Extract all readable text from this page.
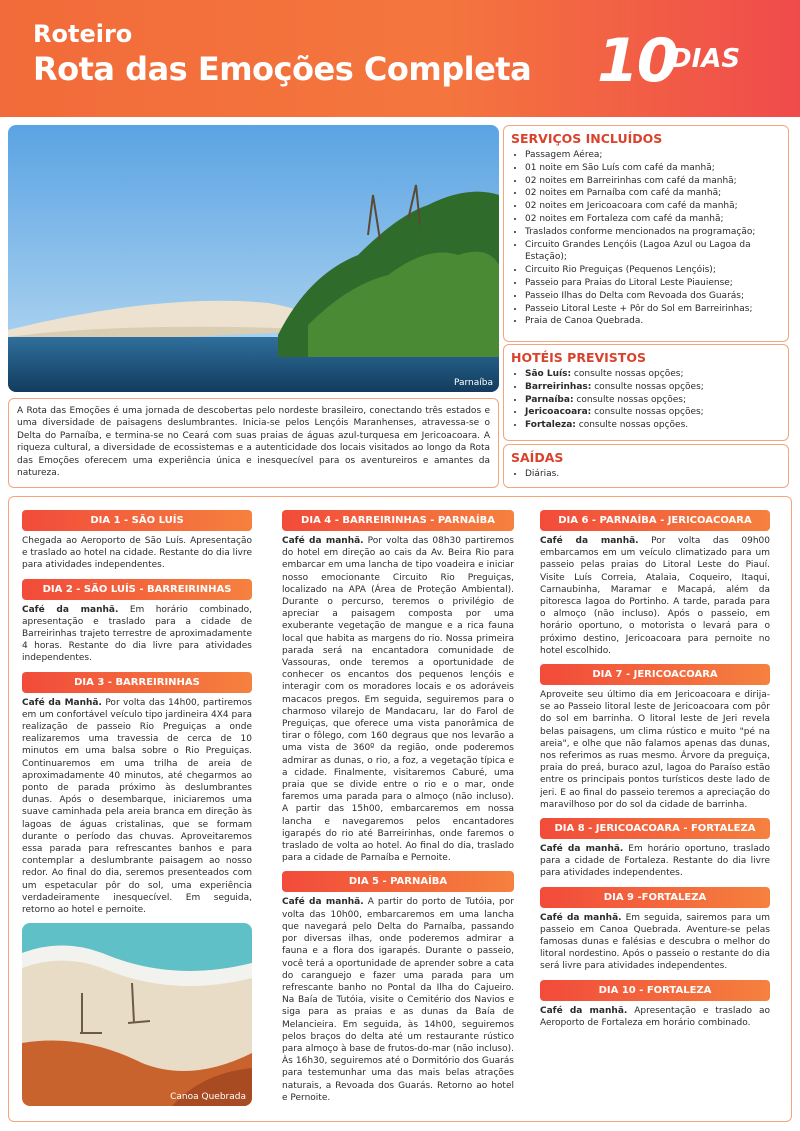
Roteiro
Rota das Emoções Completa 10
DIAS
Parnaíba
A Rota das Emoções é uma jornada de descobertas pelo nordeste brasileiro, conectando três estados e uma diversidade de paisagens deslumbrantes. Inicia-se pelos Lençóis Maranhenses, atravessa-se o Delta do Parnaíba, e termina-se no Ceará com suas praias de águas azul-turquesa em Jericoacoara. A riqueza cultural, a diversidade de ecossistemas e a autenticidade dos locais visitados ao longo da Rota das Emoções oferecem uma experiência única e inesquecível para os aventureiros e amantes da natureza.
SERVIÇOS INCLUÍDOS
• Passagem Aérea;
• 01 noite em São Luís com café da manhã;
• 02 noites em Barreirinhas com café da manhã;
• 02 noites em Parnaíba com café da manhã;
• 02 noites em Jericoacoara com café da manhã;
• 02 noites em Fortaleza com café da manhã;
• Traslados conforme mencionados na programação;
• Circuito Grandes Lençóis (Lagoa Azul ou Lagoa da Estação);
• Circuito Rio Preguiças (Pequenos Lençóis);
• Passeio para Praias do Litoral Leste Piauiense;
• Passeio Ilhas do Delta com Revoada dos Guarás;
• Passeio Litoral Leste + Pôr do Sol em Barreirinhas;
• Praia de Canoa Quebrada.
HOTÉIS PREVISTOS
• São Luís: consulte nossas opções;
• Barreirinhas: consulte nossas opções;
• Parnaíba: consulte nossas opções;
• Jericoacoara: consulte nossas opções;
• Fortaleza: consulte nossas opções.
SAÍDAS
• Diárias.
DIA 1 - SÃO LUÍS
Chegada ao Aeroporto de São Luís. Apresentação e traslado ao hotel na cidade. Restante do dia livre para atividades independentes.
DIA 2 - SÃO LUÍS - BARREIRINHAS
Café da manhã. Em horário combinado, apresentação e traslado para a cidade de Barreirinhas trajeto terrestre de aproximadamente 4 horas. Restante do dia livre para atividades independentes.
DIA 3 - BARREIRINHAS
Café da Manhã. Por volta das 14h00, partiremos em um confortável veículo tipo jardineira 4X4 para realização de passeio Rio Preguiças a onde realizaremos uma travessia de cerca de 10 minutos em uma balsa sobre o Rio Preguiças. Continuaremos em uma trilha de areia de aproximadamente 40 minutos, até chegarmos ao ponto de parada próximo às deslumbrantes dunas. Após o desembarque, iniciaremos uma suave caminhada pela areia branca em direção às lagoas de águas cristalinas, que se formam durante o período das chuvas. Aproveitaremos essa parada para refrescantes banhos e para contemplar a deslumbrante paisagem ao nosso redor. Ao final do dia, seremos presenteados com um espetacular pôr do sol, uma experiência verdadeiramente inesquecível. Em seguida, retorno ao hotel e pernoite.
Canoa Quebrada
DIA 4 - BARREIRINHAS - PARNAÍBA
Café da manhã. Por volta das 08h30 partiremos do hotel em direção ao cais da Av. Beira Rio para embarcar em uma lancha de tipo voadeira e iniciar nosso emocionante Circuito Rio Preguiças, localizado na APA (Área de Proteção Ambiental). Durante o percurso, teremos o privilégio de apreciar a paisagem composta por uma exuberante vegetação de mangue e a rica fauna local que habita as margens do rio. Nossa primeira parada será na encantadora comunidade de Vassouras, onde teremos a oportunidade de conhecer os encantos dos pequenos lençóis e interagir com os moradores locais e os adoráveis macacos pregos. Em seguida, seguiremos para o charmoso vilarejo de Mandacaru, lar do Farol de Preguiças, que oferece uma vista panorâmica de tirar o fôlego, com 160 degraus que nos levarão a uma vista de 360º da região, onde poderemos admirar as dunas, o rio, a foz, a vegetação típica e a cidade. Finalmente, visitaremos Caburé, uma praia que se divide entre o rio e o mar, onde faremos uma parada para o almoço (não incluso). A partir das 15h00, embarcaremos em nossa lancha e navegaremos pelos encantadores igarapés do rio até Barreirinhas, onde faremos o traslado de volta ao hotel. Ao final do dia, traslado para a cidade de Parnaíba e Pernoite.
DIA 5 - PARNAÍBA
Café da manhã. A partir do porto de Tutóia, por volta das 10h00, embarcaremos em uma lancha que navegará pelo Delta do Parnaíba, passando por diversas ilhas, onde poderemos admirar a fauna e a flora dos igarapés. Durante o passeio, você terá a oportunidade de aprender sobre a cata do caranguejo e fazer uma parada para um refrescante banho no Pontal da Ilha do Cajueiro. Na Baía de Tutóia, visite o Cemitério dos Navios e siga para as praias e as dunas da Baía de Melancieira. Em seguida, às 14h00, seguiremos pelos braços do delta até um restaurante rústico para almoço à base de frutos-do-mar (não incluso). Às 16h30, seguiremos até o Dormitório dos Guarás para testemunhar uma das mais belas atrações naturais, a Revoada dos Guarás. Retorno ao hotel e Pernoite.
DIA 6 - PARNAÍBA - JERICOACOARA
Café da manhã. Por volta das 09h00 embarcamos em um veículo climatizado para um passeio pelas praias do Litoral Leste do Piauí. Visite Luís Correia, Atalaia, Coqueiro, Itaqui, Carnaubinha, Maramar e Macapá, além da pitoresca lagoa do Portinho. A tarde, parada para o almoço (não incluso). Após o passeio, em horário oportuno, o motorista o levará para o próximo destino, Jericoacoara para pernoite no hotel escolhido.
DIA 7 - JERICOACOARA
Aproveite seu último dia em Jericoacoara e dirija-se ao Passeio litoral leste de Jericoacoara com pôr do sol em barrinha. O litoral leste de Jeri revela belas paisagens, um clima rústico e muito "pé na areia", e olhe que não falamos apenas das dunas, nos referimos as ruas mesmo. Árvore da preguiça, praia do preá, buraco azul, lagoa do Paraíso estão entre os principais pontos turísticos deste lado de jeri. E ao final do passeio teremos a apreciação do maravilhoso por do sol da cidade de barrinha.
DIA 8 - JERICOACOARA - FORTALEZA
Café da manhã. Em horário oportuno, traslado para a cidade de Fortaleza. Restante do dia livre para atividades independentes.
DIA 9 -FORTALEZA
Café da manhã. Em seguida, sairemos para um passeio em Canoa Quebrada. Aventure-se pelas famosas dunas e falésias e descubra o melhor do litoral nordestino. Após o passeio o restante do dia será livre para atividades independentes.
DIA 10 - FORTALEZA
Café da manhã. Apresentação e traslado ao Aeroporto de Fortaleza em horário combinado.
